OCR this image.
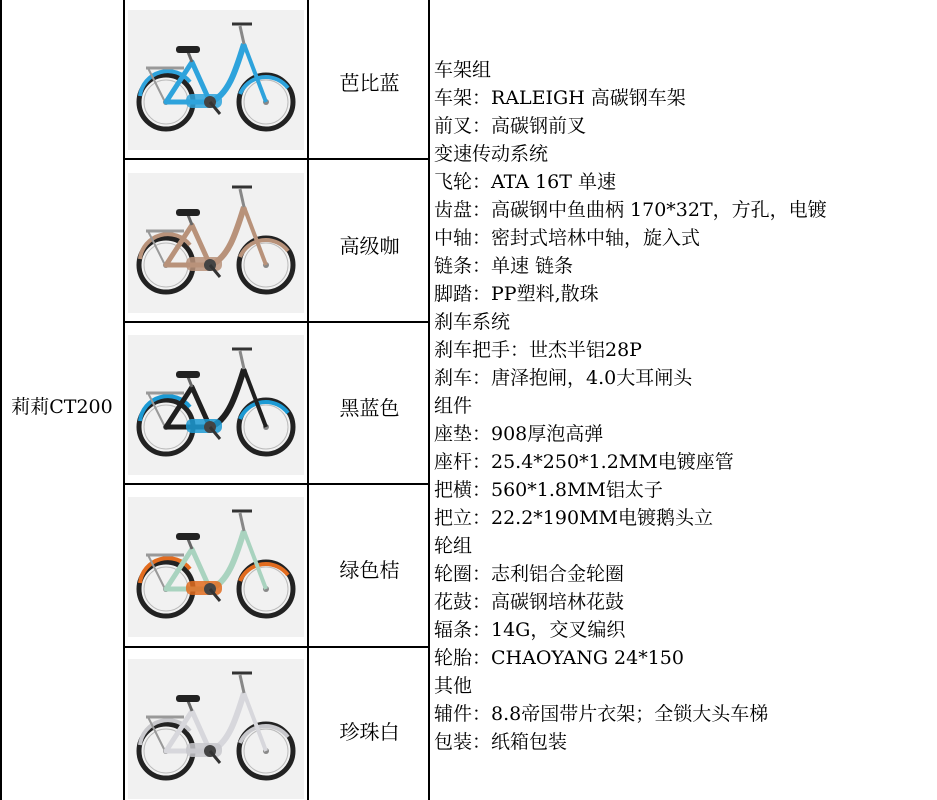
莉莉CT200
芭比蓝
高级咖
黑蓝色
绿色桔
珍珠白
车架组
车架：RALEIGH 高碳钢车架
前叉：高碳钢前叉
变速传动系统
飞轮：ATA 16T 单速
齿盘：高碳钢中鱼曲柄 170*32T，方孔，电镀
中轴：密封式培林中轴，旋入式
链条：单速 链条
脚踏：PP塑料,散珠
刹车系统
刹车把手：世杰半铝28P
刹车：唐泽抱闸，4.0大耳闸头
组件
座垫：908厚泡高弹
座杆：25.4*250*1.2MM电镀座管
把横：560*1.8MM铝太子
把立：22.2*190MM电镀鹅头立
轮组
轮圈：志利铝合金轮圈
花鼓：高碳钢培林花鼓
辐条：14G，交叉编织
轮胎：CHAOYANG 24*150
其他
辅件：8.8帝国带片衣架；全锁大头车梯
包装：纸箱包装
